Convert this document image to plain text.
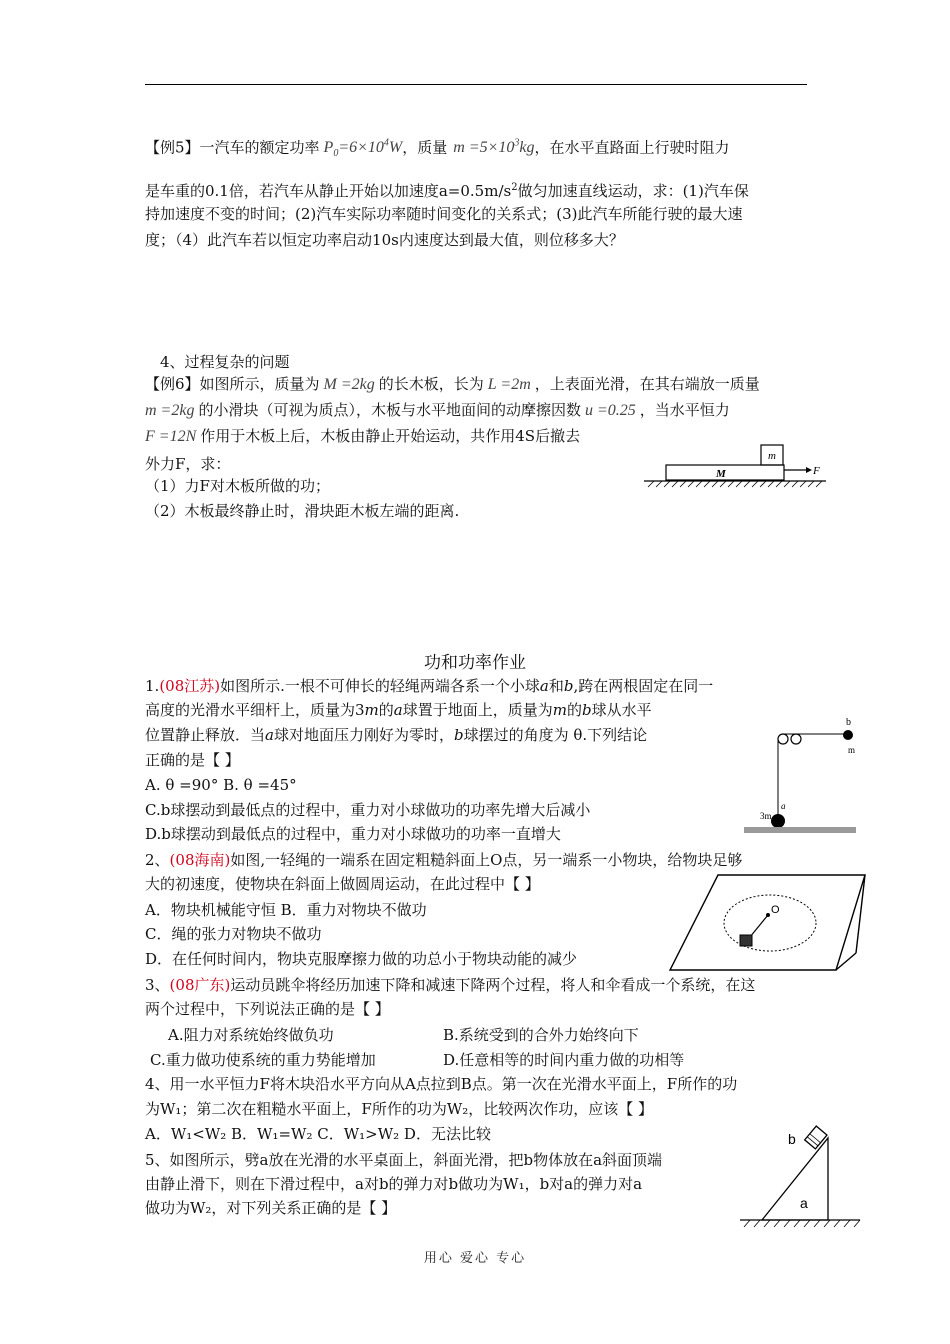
【例5】一汽车的额定功率 $P_0=6\times 10^4W$，质量 $m =5\times 10^3kg$，在水平直路面上行驶时阻力
是车重的0.1倍，若汽车从静止开始以加速度$a=0.5m/s^2$做匀加速直线运动，求：(1)汽车保
持加速度不变的时间；(2)汽车实际功率随时间变化的关系式；(3)此汽车所能行驶的最大速
度；（4）此汽车若以恒定功率启动10s内速度达到最大值，则位移多大？
4、过程复杂的问题
【例6】如图所示，质量为 M =2kg 的长木板，长为 L =2m ，上表面光滑，在其右端放一质量
m =2kg 的小滑块（可视为质点），木板与水平地面间的动摩擦因数 u =0.25 ，当水平恒力
F =12N 作用于木板上后，木板由静止开始运动，共作用4S后撤去
外力F，求：
（1）力F对木板所做的功；
（2）木板最终静止时，滑块距木板左端的距离.
m
M	F
功和功率作业
1.(08江苏)如图所示.一根不可伸长的轻绳两端各系一个小球a和b,跨在两根固定在同一
高度的光滑水平细杆上，质量为3m的a球置于地面上，质量为m的b球从水平
位置静止释放．当a球对地面压力刚好为零时，b球摆过的角度为 θ.下列结论
正确的是【 】
A. θ =90° B. θ =45°
C.b球摆动到最低点的过程中，重力对小球做功的功率先增大后减小
D.b球摆动到最低点的过程中，重力对小球做功的功率一直增大
b
m
3m
a
2、(08海南)如图,一轻绳的一端系在固定粗糙斜面上O点，另一端系一小物块，给物块足够
大的初速度，使物块在斜面上做圆周运动，在此过程中【 】
A．物块机械能守恒 B．重力对物块不做功
C．绳的张力对物块不做功
D．在任何时间内，物块克服摩擦力做的功总小于物块动能的减少
O
3、(08广东)运动员跳伞将经历加速下降和减速下降两个过程，将人和伞看成一个系统，在这
两个过程中，下列说法正确的是【 】
A.阻力对系统始终做负功	B.系统受到的合外力始终向下
C.重力做功使系统的重力势能增加	D.任意相等的时间内重力做的功相等
4、用一水平恒力F将木块沿水平方向从A点拉到B点。第一次在光滑水平面上，F所作的功
为W₁；第二次在粗糙水平面上，F所作的功为W₂，比较两次作功，应该【 】
A．W₁<W₂ B．W₁=W₂ C．W₁>W₂ D．无法比较
5、如图所示，劈a放在光滑的水平桌面上，斜面光滑，把b物体放在a斜面顶端
由静止滑下，则在下滑过程中，a对b的弹力对b做功为W₁，b对a的弹力对a
做功为W₂，对下列关系正确的是【 】
b
a
用心 爱心 专心
